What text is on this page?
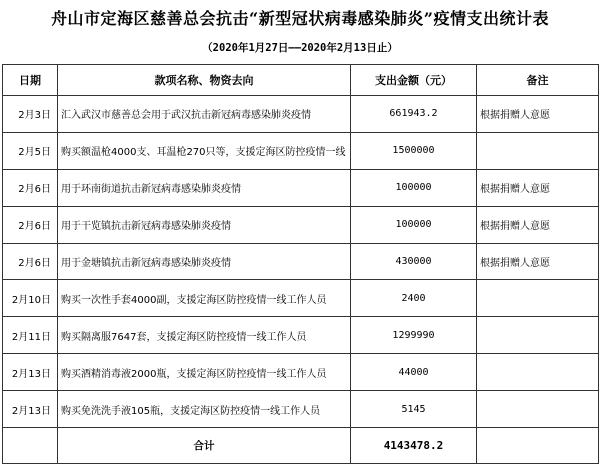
舟山市定海区慈善总会抗击“新型冠状病毒感染肺炎”疫情支出统计表
（2020年1月27日——2020年2月13日止）
日期	款项名称、物资去向	支出金额（元）	备注
2月3日	汇入武汉市慈善总会用于武汉抗击新冠病毒感染肺炎疫情	661943.2	根据捐赠人意愿
2月5日	购买额温枪4000支、耳温枪270只等，支援定海区防控疫情一线	1500000	
2月6日	用于环南街道抗击新冠病毒感染肺炎疫情	100000	根据捐赠人意愿
2月6日	用于干览镇抗击新冠病毒感染肺炎疫情	100000	根据捐赠人意愿
2月6日	用于金塘镇抗击新冠病毒感染肺炎疫情	430000	根据捐赠人意愿
2月10日	购买一次性手套4000副，支援定海区防控疫情一线工作人员	2400	
2月11日	购买隔离服7647套，支援定海区防控疫情一线工作人员	1299990	
2月13日	购买酒精消毒液2000瓶，支援定海区防控疫情一线工作人员	44000	
2月13日	购买免洗洗手液105瓶，支援定海区防控疫情一线工作人员	5145	
	合计	4143478.2	
